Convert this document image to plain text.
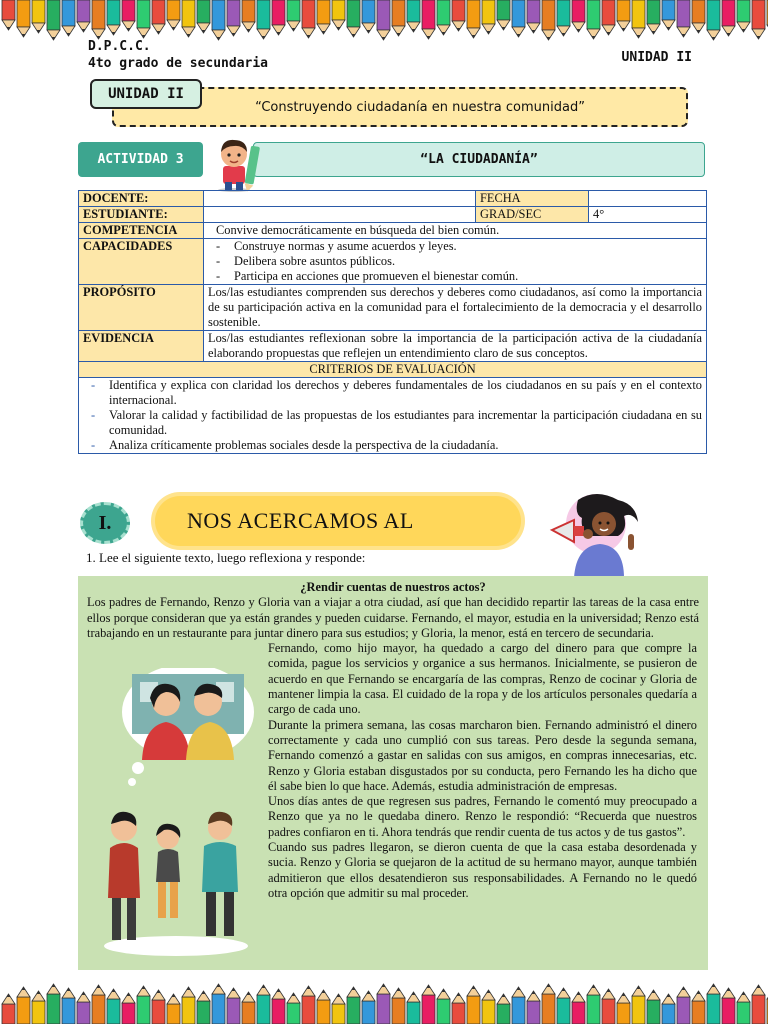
D.P.C.C.
4to grado de secundaria	UNIDAD II
“Construyendo ciudadanía en nuestra comunidad”
UNIDAD II
ACTIVIDAD 3	“LA CIUDADANÍA”
DOCENTE:		FECHA	
ESTUDIANTE:		GRAD/SEC	4°
COMPETENCIA	Convive democráticamente en búsqueda del bien común.		
CAPACIDADES	- Construye normas y asume acuerdos y leyes.
- Delibera sobre asuntos públicos.
- Participa en acciones que promueven el bienestar común.

PROPÓSITO	Los/las estudiantes comprenden sus derechos y deberes como ciudadanos, así como la importancia de su participación activa en la comunidad para el fortalecimiento de la democracia y el desarrollo sostenible.		
EVIDENCIA	Los/las estudiantes reflexionan sobre la importancia de la participación activa de la ciudadanía elaborando propuestas que reflejen un entendimiento claro de sus conceptos.		
CRITERIOS DE EVALUACIÓN			

- Identifica y explica con claridad los derechos y deberes fundamentales de los ciudadanos en su país y en el contexto internacional.
- Valorar la calidad y factibilidad de las propuestas de los estudiantes para incrementar la participación ciudadana en su comunidad.
- Analiza críticamente problemas sociales desde la perspectiva de la ciudadanía.
I.	NOS ACERCAMOS AL
1. Lee el siguiente texto, luego reflexiona y responde:
¿Rendir cuentas de nuestros actos?
Los padres de Fernando, Renzo y Gloria van a viajar a otra ciudad, así que han decidido repartir las tareas de la casa entre ellos porque consideran que ya están grandes y pueden cuidarse. Fernando, el mayor, estudia en la universidad; Renzo está trabajando en un restaurante para juntar dinero para sus estudios; y Gloria, la menor, está en tercero de secundaria.
Fernando, como hijo mayor, ha quedado a cargo del dinero para que compre la comida, pague los servicios y organice a sus hermanos. Inicialmente, se pusieron de acuerdo en que Fernando se encargaría de las compras, Renzo de cocinar y Gloria de mantener limpia la casa. El cuidado de la ropa y de los artículos personales quedaría a cargo de cada uno.
Durante la primera semana, las cosas marcharon bien. Fernando administró el dinero correctamente y cada uno cumplió con sus tareas. Pero desde la segunda semana, Fernando comenzó a gastar en salidas con sus amigos, en compras innecesarias, etc. Renzo y Gloria estaban disgustados por su conducta, pero Fernando les ha dicho que él sabe bien lo que hace. Además, estudia administración de empresas.
Unos días antes de que regresen sus padres, Fernando le comentó muy preocupado a Renzo que ya no le quedaba dinero. Renzo le respondió: “Recuerda que nuestros padres confiaron en ti. Ahora tendrás que rendir cuenta de tus actos y de tus gastos”.
Cuando sus padres llegaron, se dieron cuenta de que la casa estaba desordenada y sucia. Renzo y Gloria se quejaron de la actitud de su hermano mayor, aunque también admitieron que ellos desatendieron sus responsabilidades. A Fernando no le quedó otra opción que admitir su mal proceder.
